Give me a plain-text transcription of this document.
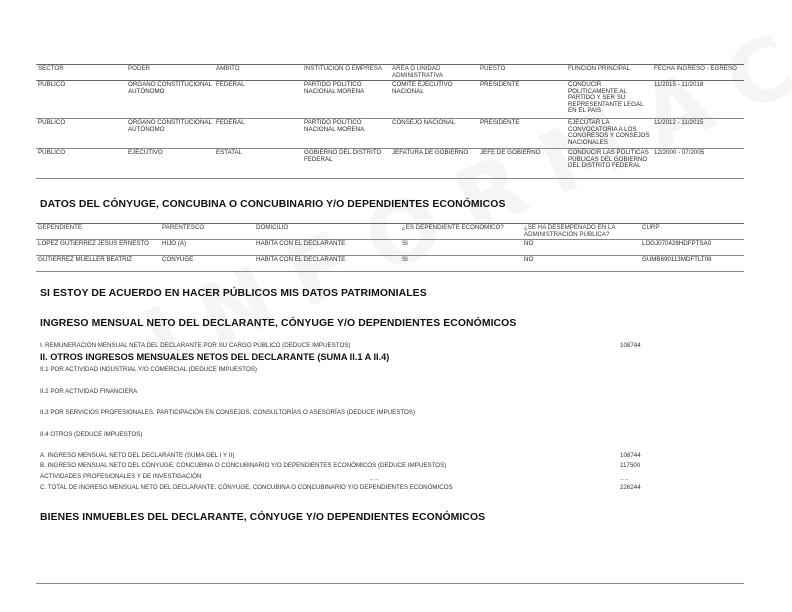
SECTOR	PODER	ÁMBITO	INSTITUCIÓN O EMPRESA	ÁREA O UNIDAD ADMINISTRATIVA	PUESTO	FUNCIÓN PRINCIPAL	FECHA INGRESO - EGRESO
PUBLICO	ÓRGANO CONSTITUCIONAL AUTÓNOMO	FEDERAL	PARTIDO POLITICO NACIONAL MORENA	COMITÉ EJECUTIVO NACIONAL	PRESIDENTE	CONDUCIR POLITICAMENTE AL PARTIDO Y SER SU REPRESENTANTE LEGAL EN EL PAIS	11/2015 - 11/2018
PUBLICO	ÓRGANO CONSTITUCIONAL AUTÓNOMO	FEDERAL	PARTIDO POLITICO NACIONAL MORENA	CONSEJO NACIONAL	PRESIDENTE	EJECUTAR LA CONVOCATORIA A LOS CONGRESOS Y CONSEJOS NACIONALES	11/2012 - 11/2015
PUBLICO	EJECUTIVO	ESTATAL	GOBIERNO DEL DISTRITO FEDERAL	JEFATURA DE GOBIERNO	JEFE DE GOBIERNO	CONDUCIR LAS POLITICAS PUBLICAS DEL GOBIERNO DEL DISTRITO FEDERAL	12/2000 - 07/2005
DATOS DEL CÓNYUGE, CONCUBINA O CONCUBINARIO Y/O DEPENDIENTES ECONÓMICOS
DEPENDIENTE	PARENTESCO	DOMICILIO	¿ES DEPENDIENTE ECONÓMICO?	¿SE HA DESEMPEÑADO EN LA ADMINISTRACIÓN PÚBLICA?	CURP
LOPEZ GUTIERREZ JESUS ERNESTO	HIJO (A)	HABITA CON EL DECLARANTE	SI	NO	LOGJ070428HDFPTSA0
GUTIERREZ MUELLER BEATRIZ	CONYUGE	HABITA CON EL DECLARANTE	SI	NO	GUMB690113MDFTLT08
SI ESTOY DE ACUERDO EN HACER PÚBLICOS MIS DATOS PATRIMONIALES
INGRESO MENSUAL NETO DEL DECLARANTE, CÓNYUGE Y/O DEPENDIENTES ECONÓMICOS
I. REMUNERACIÓN MENSUAL NETA DEL DECLARANTE POR SU CARGO PÚBLICO (DEDUCE IMPUESTOS)	108744
II. OTROS INGRESOS MENSUALES NETOS DEL DECLARANTE (SUMA II.1 A II.4)
II.1 POR ACTIVIDAD INDUSTRIAL Y/O COMERCIAL (DEDUCE IMPUESTOS)
II.2 POR ACTIVIDAD FINANCIERA
II.3 POR SERVICIOS PROFESIONALES, PARTICIPACIÓN EN CONSEJOS, CONSULTORÍAS O ASESORÍAS (DEDUCE IMPUESTOS)
II.4 OTROS (DEDUCE IMPUESTOS)
A. INGRESO MENSUAL NETO DEL DECLARANTE (SUMA DEL I Y II)	108744
B. INGRESO MENSUAL NETO DEL CÓNYUGE, CONCUBINA O CONCUBINARIO Y/O DEPENDIENTES ECONÓMICOS (DEDUCE IMPUESTOS)	117500
ACTIVIDADES PROFESIONALES Y DE INVESTIGACIÓN	_ _	_ _
C. TOTAL DE INGRESO MENSUAL NETO DEL DECLARANTE, CÓNYUGE, CONCUBINA O CONCUBINARIO Y/O DEPENDIENTES ECONÓMICOS	226244
BIENES INMUEBLES DEL DECLARANTE, CÓNYUGE Y/O DEPENDIENTES ECONÓMICOS
